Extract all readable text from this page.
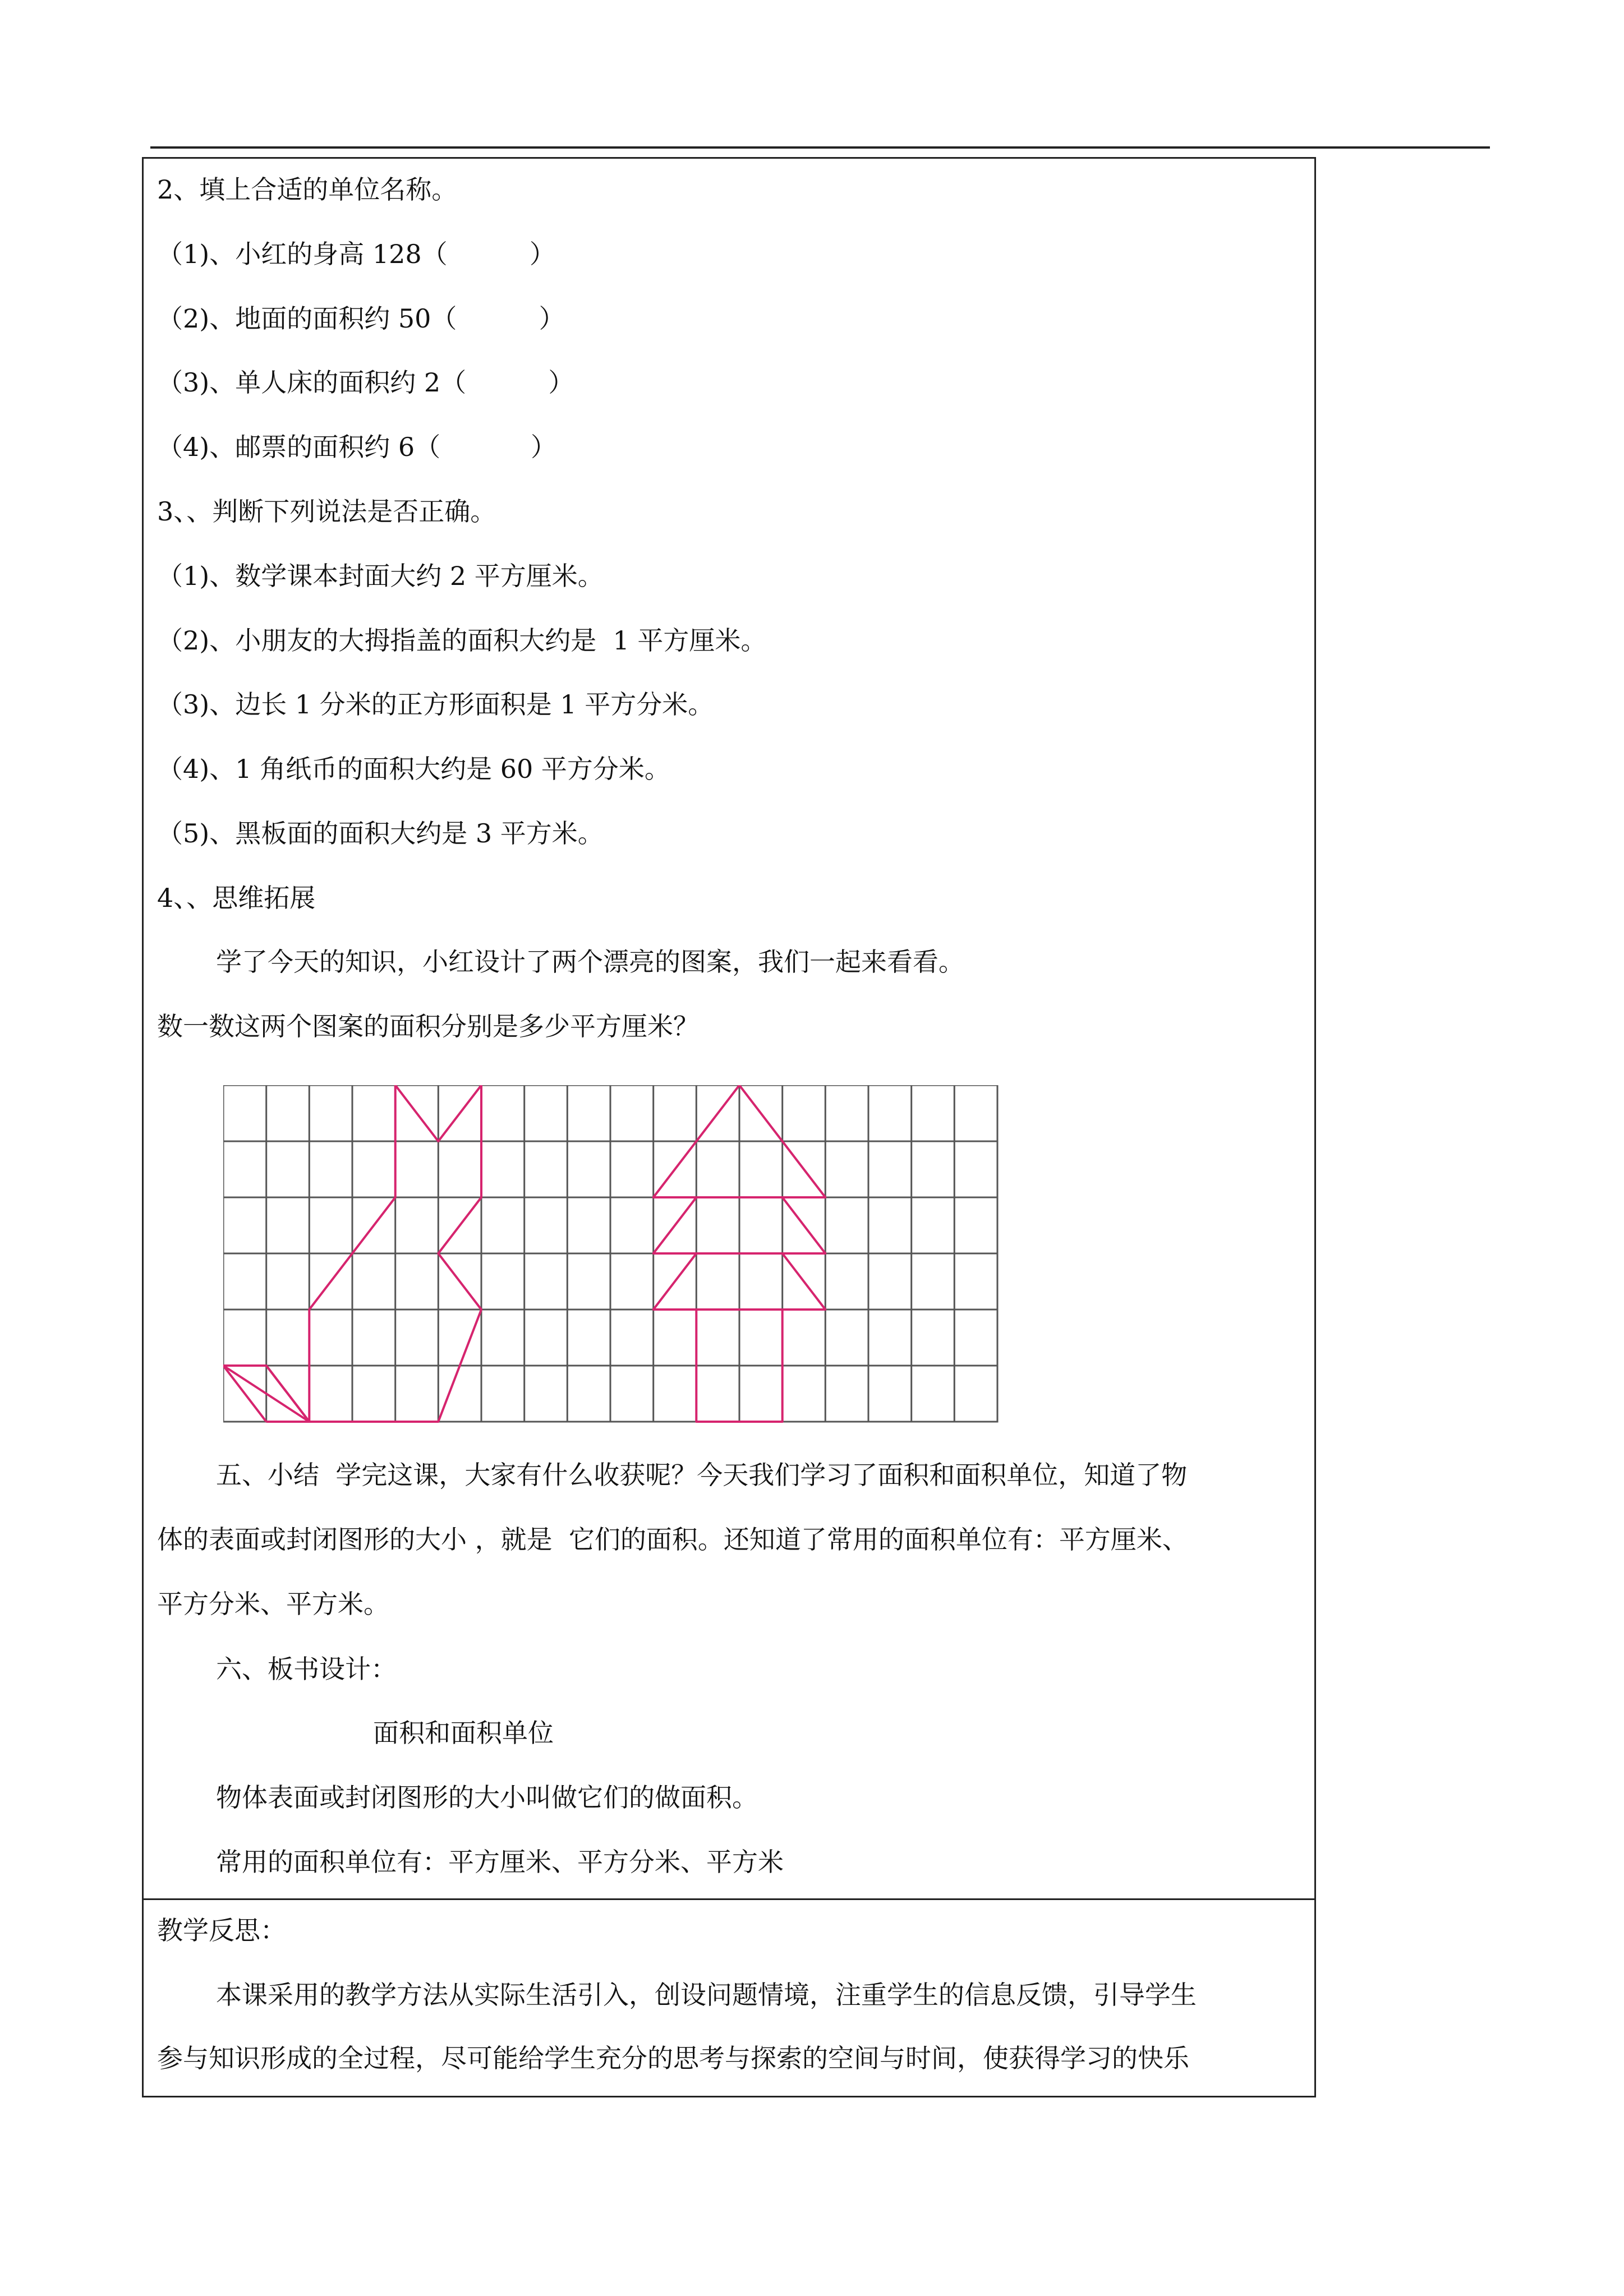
2、填上合适的单位名称。
（1)、小红的身高 128（          ）
（2)、地面的面积约 50（          ）
（3)、单人床的面积约 2（          ）
（4)、邮票的面积约 6（           ）
3、、判断下列说法是否正确。
（1)、数学课本封面大约 2 平方厘米。
（2)、小朋友的大拇指盖的面积大约是  1 平方厘米。
（3)、边长 1 分米的正方形面积是 1 平方分米。
（4)、1 角纸币的面积大约是 60 平方分米。
（5)、黑板面的面积大约是 3 平方米。
4、、思维拓展
学了今天的知识，小红设计了两个漂亮的图案，我们一起来看看。
数一数这两个图案的面积分别是多少平方厘米？
五、小结  学完这课，大家有什么收获呢？今天我们学习了面积和面积单位，知道了物
体的表面或封闭图形的大小 ，就是  它们的面积。还知道了常用的面积单位有：平方厘米、
平方分米、平方米。
六、板书设计：
面积和面积单位
物体表面或封闭图形的大小叫做它们的做面积。
常用的面积单位有：平方厘米、平方分米、平方米
教学反思：
本课采用的教学方法从实际生活引入，创设问题情境，注重学生的信息反馈，引导学生
参与知识形成的全过程，尽可能给学生充分的思考与探索的空间与时间，使获得学习的快乐
